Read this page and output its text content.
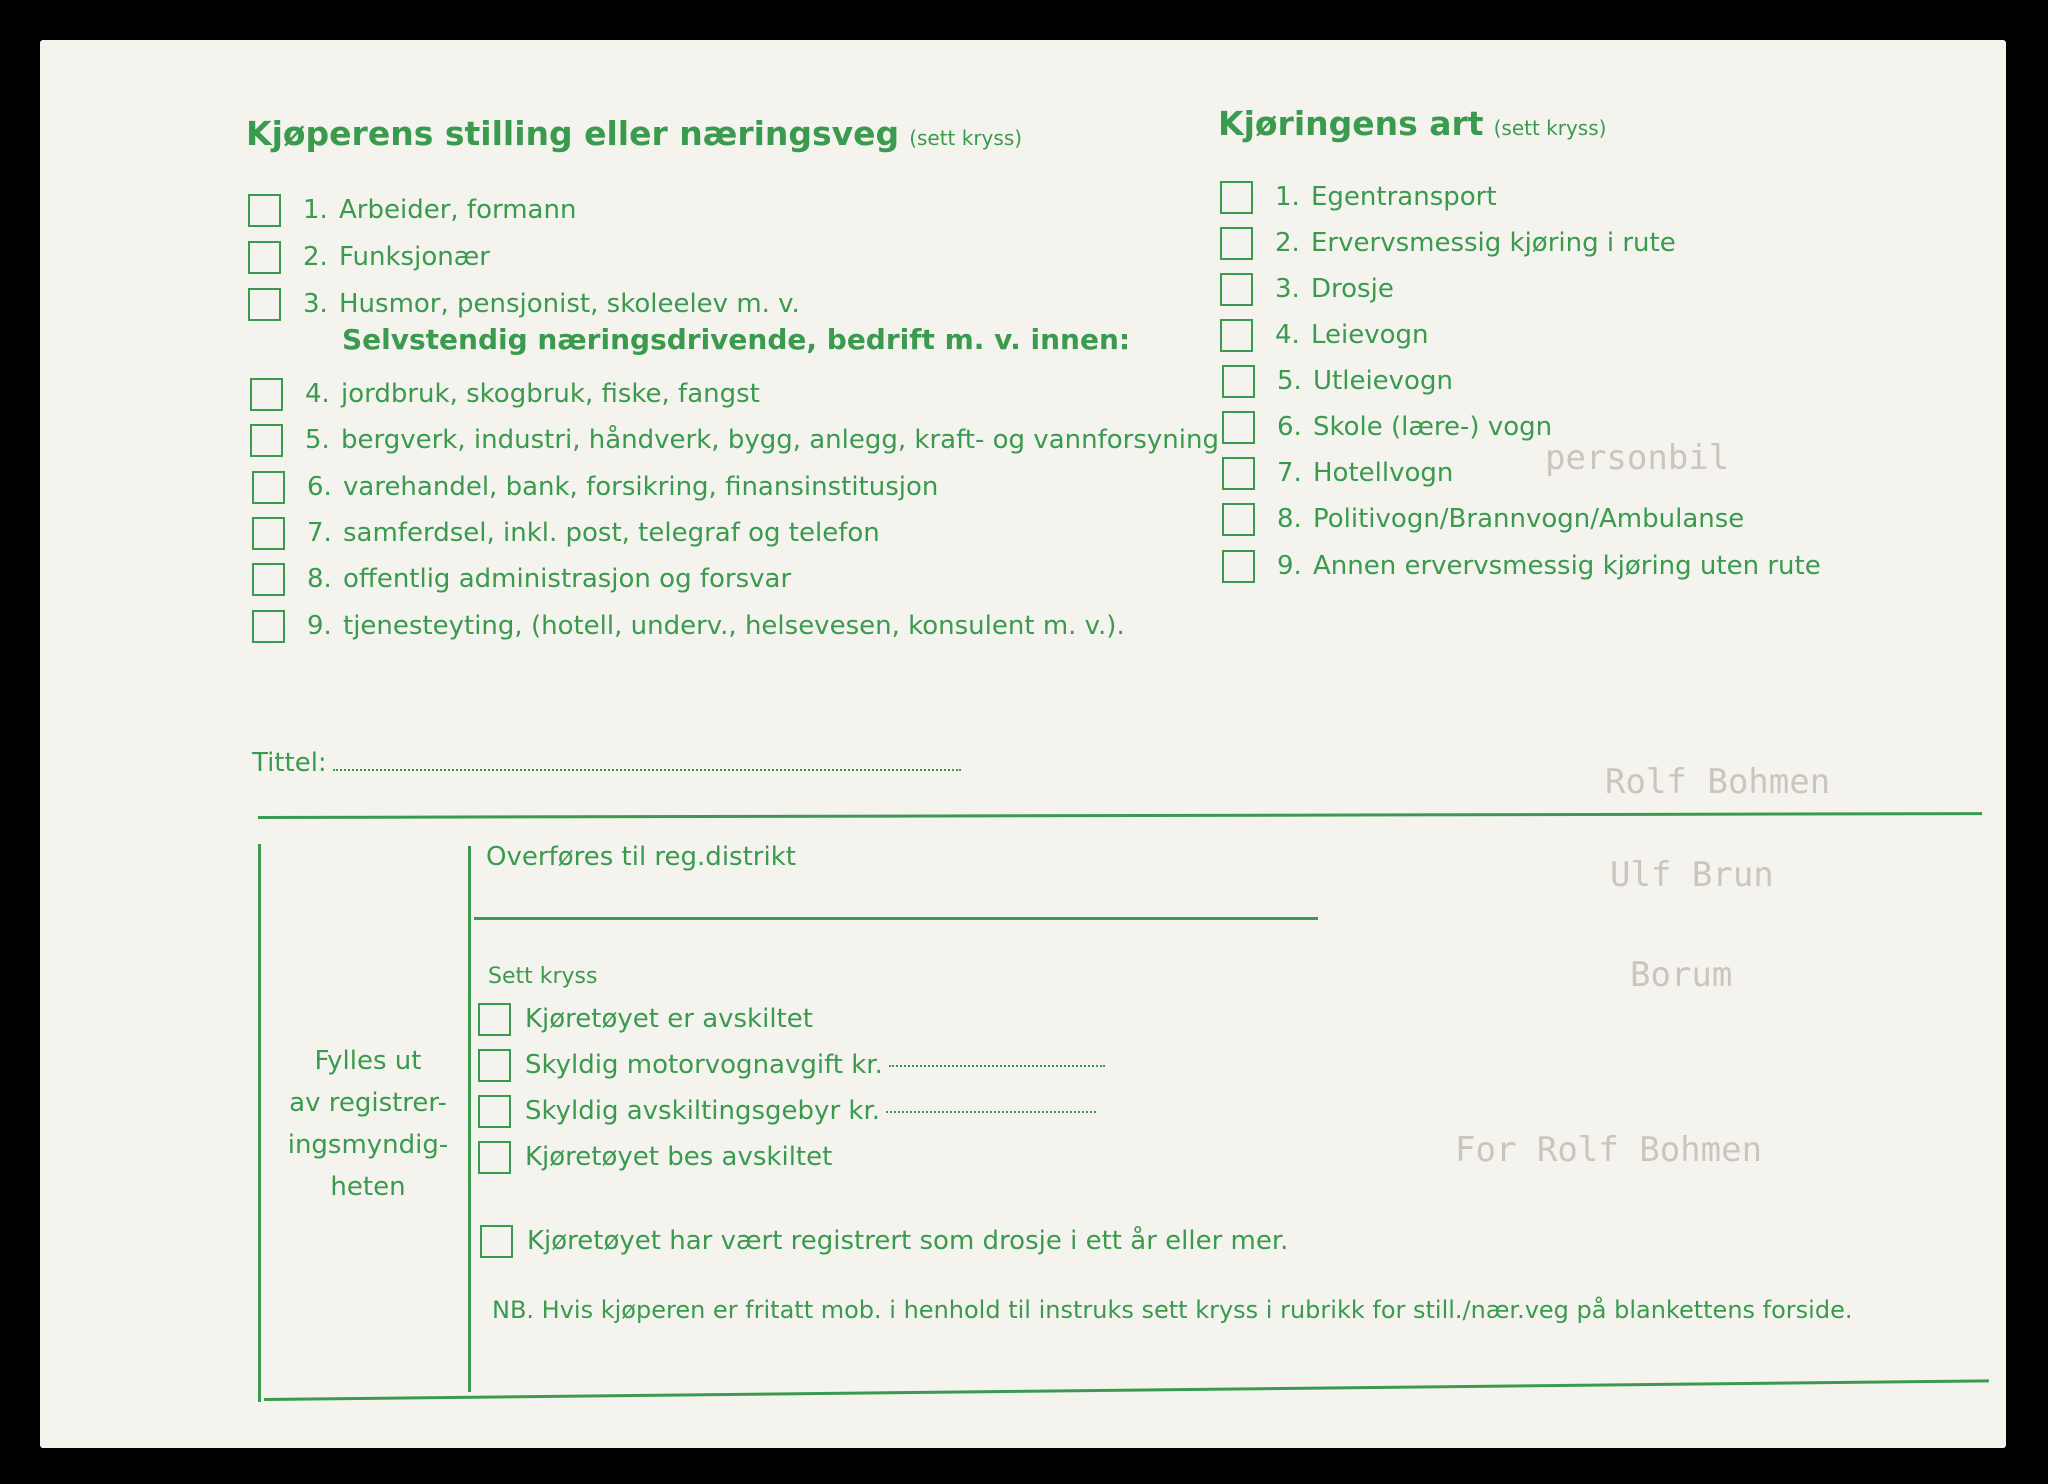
personbil
Rolf Bohmen
Ulf Brun
Borum
For Rolf Bohmen
Kjøperens stilling eller næringsveg (sett kryss)
1. Arbeider, formann
2. Funksjonær
3. Husmor, pensjonist, skoleelev m. v.
Selvstendig næringsdrivende, bedrift m. v. innen:
4. jordbruk, skogbruk, fiske, fangst
5. bergverk, industri, håndverk, bygg, anlegg, kraft- og vannforsyning
6. varehandel, bank, forsikring, finansinstitusjon
7. samferdsel, inkl. post, telegraf og telefon
8. offentlig administrasjon og forsvar
9. tjenesteyting, (hotell, underv., helsevesen, konsulent m. v.).
Tittel:
Kjøringens art (sett kryss)
1. Egentransport
2. Ervervsmessig kjøring i rute
3. Drosje
4. Leievogn
5. Utleievogn
6. Skole (lære-) vogn
7. Hotellvogn
8. Politivogn/Brannvogn/Ambulanse
9. Annen ervervsmessig kjøring uten rute
Fylles ut
av registrer-
ingsmyndig-
heten
Overføres til reg.distrikt
Sett kryss
Kjøretøyet er avskiltet
Skyldig motorvognavgift kr.
Skyldig avskiltingsgebyr kr.
Kjøretøyet bes avskiltet
Kjøretøyet har vært registrert som drosje i ett år eller mer.
NB. Hvis kjøperen er fritatt mob. i henhold til instruks sett kryss i rubrikk for still./nær.veg på blankettens forside.
